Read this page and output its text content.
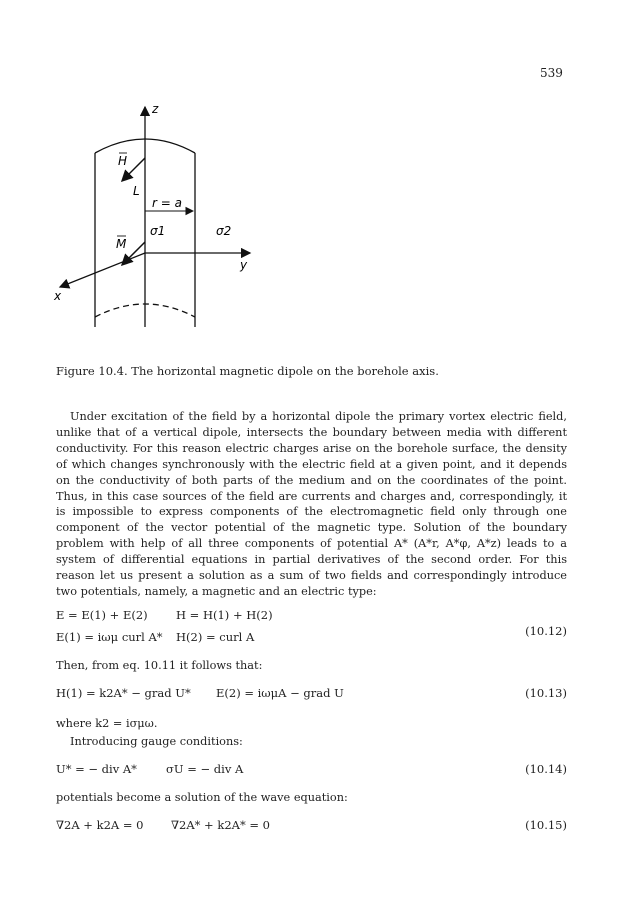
539
z
y
x
H
M
L
r = a
σ1	σ2
Figure 10.4. The horizontal magnetic dipole on the borehole axis.

Under excitation of the field by a horizontal dipole the primary vortex electric field, unlike that of a vertical dipole, intersects the boundary between media with different conductivity. For this reason electric charges arise on the borehole surface, the density of which changes synchronously with the electric field at a given point, and it depends on the conductivity of both parts of the medium and on the coordinates of the point. Thus, in this case sources of the field are currents and charges and, correspondingly, it is impossible to express components of the electromagnetic field only through one component of the vector potential of the magnetic type. Solution of the boundary problem with help of all three components of potential A* (A*r, A*φ, A*z) leads to a system of differential equations in partial derivatives of the second order. For this reason let us present a solution as a sum of two fields and correspondingly introduce two potentials, namely, a magnetic and an electric type:

E = E(1) + E(2) H = H(1) + H(2)
E(1) = iωμ curl A* H(2) = curl A	(10.12)

Then, from eq. 10.11 it follows that:

H(1) = k2A* − grad U* E(2) = iωμA − grad U	(10.13)

where k2 = iσμω.

Introducing gauge conditions:

U* = − div A*	σU = − div A	(10.14)

potentials become a solution of the wave equation:

∇2A + k2A = 0 ∇2A* + k2A* = 0	(10.15)
